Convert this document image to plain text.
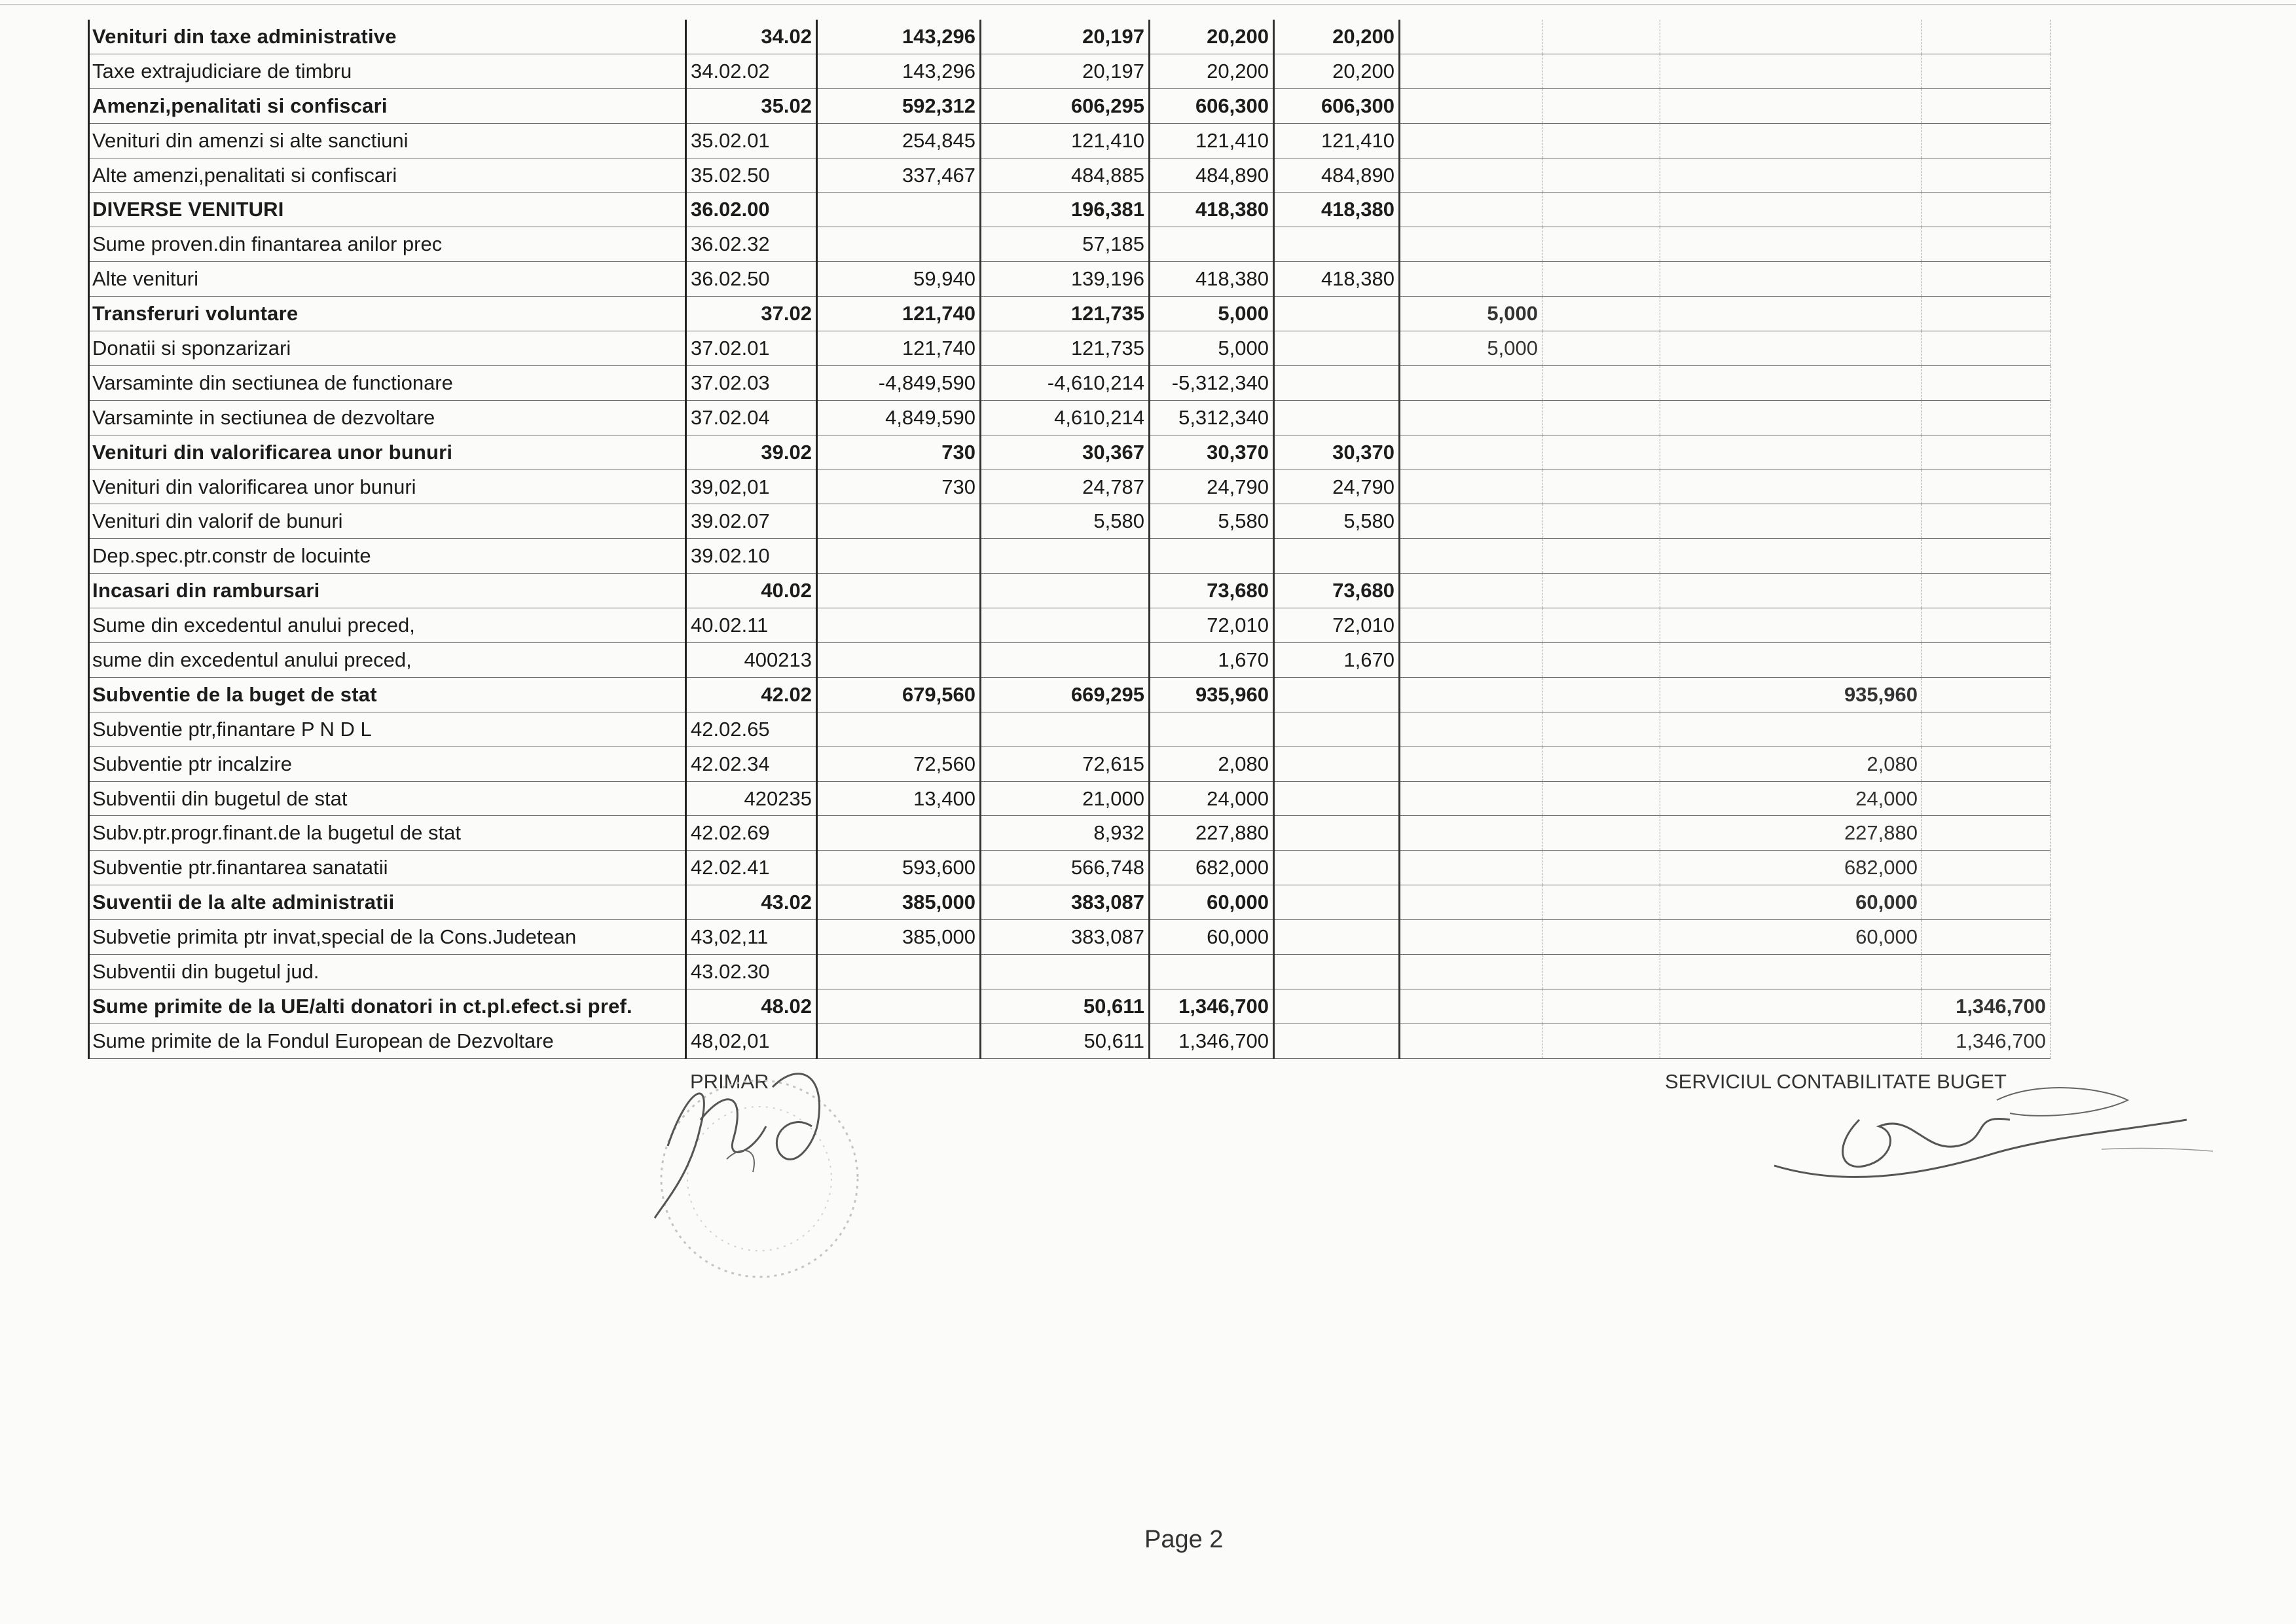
Venituri din taxe administrative	34.02	143,296	20,197	20,200	20,200				
Taxe extrajudiciare de timbru	34.02.02	143,296	20,197	20,200	20,200				
Amenzi,penalitati si confiscari	35.02	592,312	606,295	606,300	606,300				
Venituri din amenzi si alte sanctiuni	35.02.01	254,845	121,410	121,410	121,410				
Alte amenzi,penalitati si confiscari	35.02.50	337,467	484,885	484,890	484,890				
DIVERSE VENITURI	36.02.00		196,381	418,380	418,380				
Sume proven.din finantarea anilor prec	36.02.32		57,185						
Alte venituri	36.02.50	59,940	139,196	418,380	418,380				
Transferuri voluntare	37.02	121,740	121,735	5,000		5,000			
Donatii si sponzarizari	37.02.01	121,740	121,735	5,000		5,000			
Varsaminte din sectiunea de functionare	37.02.03	-4,849,590	-4,610,214	-5,312,340					
Varsaminte in sectiunea de dezvoltare	37.02.04	4,849,590	4,610,214	5,312,340					
Venituri din valorificarea unor bunuri	39.02	730	30,367	30,370	30,370				
Venituri din valorificarea unor bunuri	39,02,01	730	24,787	24,790	24,790				
Venituri din valorif de bunuri	39.02.07		5,580	5,580	5,580				
Dep.spec.ptr.constr de locuinte	39.02.10								
Incasari din rambursari	40.02			73,680	73,680				
Sume din excedentul anului preced,	40.02.11			72,010	72,010				
sume din excedentul anului preced,	400213			1,670	1,670				
Subventie de la buget de stat	42.02	679,560	669,295	935,960				935,960	
Subventie ptr,finantare P N D L	42.02.65								
Subventie ptr incalzire	42.02.34	72,560	72,615	2,080				2,080	
Subventii din bugetul de stat	420235	13,400	21,000	24,000				24,000	
Subv.ptr.progr.finant.de la bugetul de stat	42.02.69		8,932	227,880				227,880	
Subventie ptr.finantarea sanatatii	42.02.41	593,600	566,748	682,000				682,000	
Suventii de la alte administratii	43.02	385,000	383,087	60,000				60,000	
Subvetie primita ptr invat,special de la Cons.Judetean	43,02,11	385,000	383,087	60,000				60,000	
Subventii din bugetul jud.	43.02.30								
Sume primite de la UE/alti donatori in ct.pl.efect.si pref.	48.02		50,611	1,346,700					1,346,700
Sume primite de la Fondul European de Dezvoltare	48,02,01		50,611	1,346,700					1,346,700
PRIMAR	SERVICIUL CONTABILITATE BUGET
Page 2
